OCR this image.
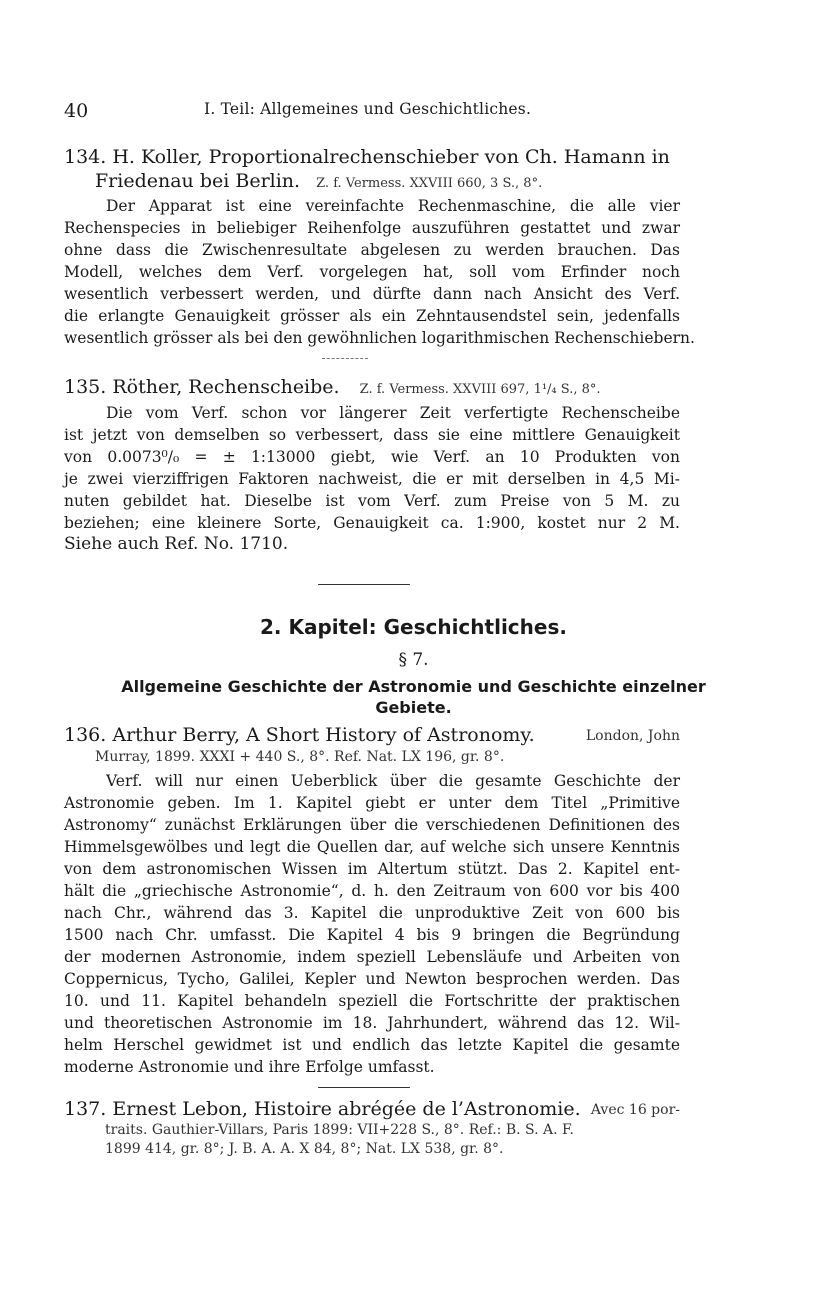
40	I. Teil: Allgemeines und Geschichtliches.
134. H. Koller, Proportionalrechenschieber von Ch. Hamann in
Friedenau bei Berlin. Z. f. Vermess. XXVIII 660, 3 S., 8°.
Der Apparat ist eine vereinfachte Rechenmaschine, die alle vier
Rechenspecies in beliebiger Reihenfolge auszuführen gestattet und zwar
ohne dass die Zwischenresultate abgelesen zu werden brauchen. Das
Modell, welches dem Verf. vorgelegen hat, soll vom Erfinder noch
wesentlich verbessert werden, und dürfte dann nach Ansicht des Verf.
die erlangte Genauigkeit grösser als ein Zehntausendstel sein, jedenfalls
wesentlich grösser als bei den gewöhnlichen logarithmischen Rechenschiebern.
135. Röther, Rechenscheibe. Z. f. Vermess. XXVIII 697, 1¹/₄ S., 8°.
Die vom Verf. schon vor längerer Zeit verfertigte Rechenscheibe
ist jetzt von demselben so verbessert, dass sie eine mittlere Genauigkeit
von 0.0073⁰/₀ = ± 1:13000 giebt, wie Verf. an 10 Produkten von
je zwei vierziffrigen Faktoren nachweist, die er mit derselben in 4,5 Mi-
nuten gebildet hat. Dieselbe ist vom Verf. zum Preise von 5 M. zu
beziehen; eine kleinere Sorte, Genauigkeit ca. 1:900, kostet nur 2 M.
Siehe auch Ref. No. 1710.
2. Kapitel: Geschichtliches.
§ 7.
Allgemeine Geschichte der Astronomie und Geschichte einzelner
Gebiete.
136. Arthur Berry, A Short History of Astronomy.	London, John
Murray, 1899. XXXI + 440 S., 8°. Ref. Nat. LX 196, gr. 8°.
Verf. will nur einen Ueberblick über die gesamte Geschichte der
Astronomie geben. Im 1. Kapitel giebt er unter dem Titel „Primitive
Astronomy“ zunächst Erklärungen über die verschiedenen Definitionen des
Himmelsgewölbes und legt die Quellen dar, auf welche sich unsere Kenntnis
von dem astronomischen Wissen im Altertum stützt. Das 2. Kapitel ent-
hält die „griechische Astronomie“, d. h. den Zeitraum von 600 vor bis 400
nach Chr., während das 3. Kapitel die unproduktive Zeit von 600 bis
1500 nach Chr. umfasst. Die Kapitel 4 bis 9 bringen die Begründung
der modernen Astronomie, indem speziell Lebensläufe und Arbeiten von
Coppernicus, Tycho, Galilei, Kepler und Newton besprochen werden. Das
10. und 11. Kapitel behandeln speziell die Fortschritte der praktischen
und theoretischen Astronomie im 18. Jahrhundert, während das 12. Wil-
helm Herschel gewidmet ist und endlich das letzte Kapitel die gesamte
moderne Astronomie und ihre Erfolge umfasst.
137. Ernest Lebon, Histoire abrégée de l’Astronomie. Avec 16 por-
traits. Gauthier-Villars, Paris 1899: VII+228 S., 8°. Ref.: B. S. A. F.
1899 414, gr. 8°; J. B. A. A. X 84, 8°; Nat. LX 538, gr. 8°.
